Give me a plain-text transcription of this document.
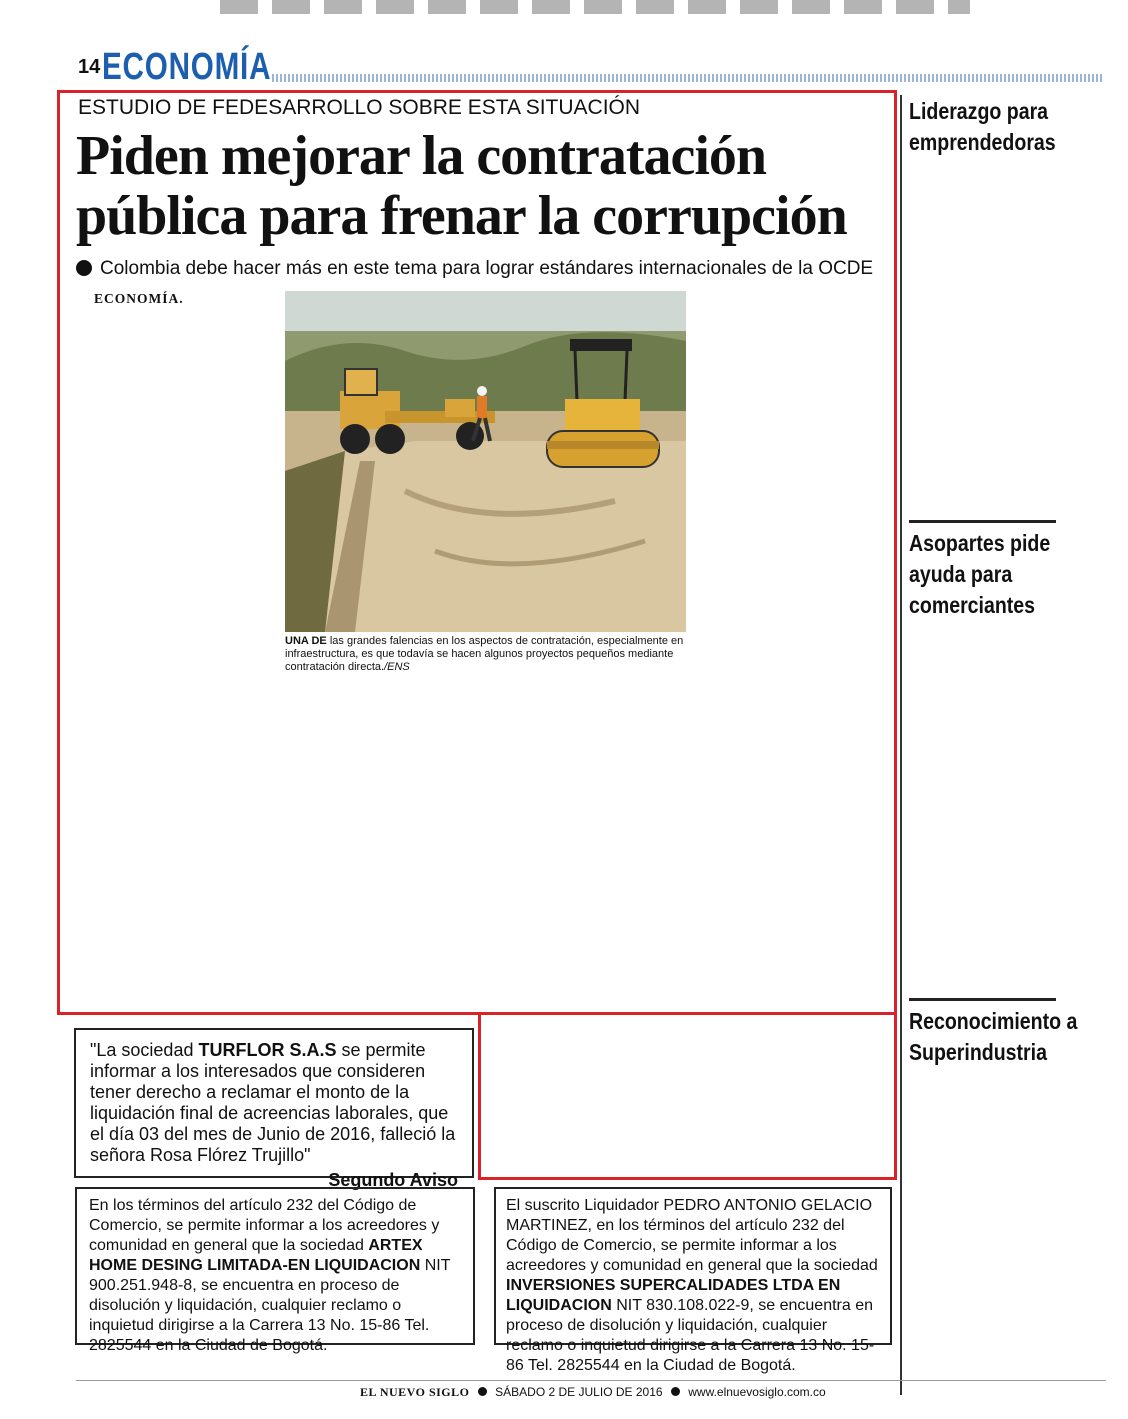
14 ECONOMÍA
ESTUDIO DE FEDESARROLLO SOBRE ESTA SITUACIÓN
Piden mejorar la contratación
pública para frenar la corrupción
Colombia debe hacer más en este tema para lograr estándares internacionales de la OCDE

ECONOMÍA.

UNA DE las grandes falencias en los aspectos de contratación, especialmente en infraestructura, es que todavía se hacen algunos proyectos pequeños mediante contratación directa./ENS

Liderazgo para emprendedoras

Asopartes pide ayuda para comerciantes

Reconocimiento a Superindustria

"La sociedad TURFLOR S.A.S se permite informar a los interesados que consideren tener derecho a reclamar el monto de la liquidación final de acreencias laborales, que el día 03 del mes de Junio de 2016, falleció la señora Rosa Flórez Trujillo"
Segundo Aviso
En los términos del artículo 232 del Código de Comercio, se permite informar a los acreedores y comunidad en general que la sociedad ARTEX HOME DESING LIMITADA-EN LIQUIDACION NIT 900.251.948-8, se encuentra en proceso de disolución y liquidación, cualquier reclamo o inquietud dirigirse a la Carrera 13 No. 15-86 Tel. 2825544 en la Ciudad de Bogotá.
El suscrito Liquidador PEDRO ANTONIO GELACIO MARTINEZ, en los términos del artículo 232 del Código de Comercio, se permite informar a los acreedores y comunidad en general que la sociedad INVERSIONES SUPERCALIDADES LTDA EN LIQUIDACION NIT 830.108.022-9, se encuentra en proceso de disolución y liquidación, cualquier reclamo o inquietud dirigirse a la Carrera 13 No. 15-86 Tel. 2825544 en la Ciudad de Bogotá.
EL NUEVO SIGLO SÁBADO 2 DE JULIO DE 2016 www.elnuevosiglo.com.co
